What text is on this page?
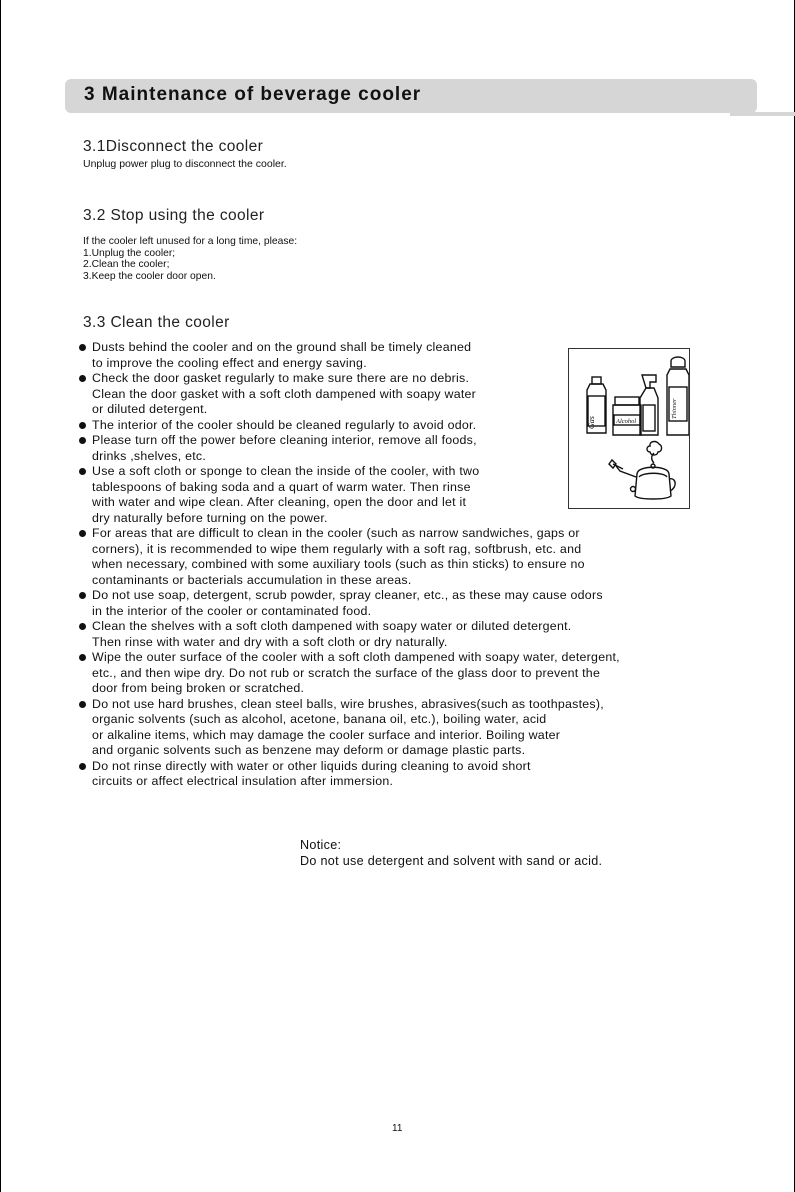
3 Maintenance of beverage cooler
3.1Disconnect the cooler
Unplug power plug to disconnect the cooler.
3.2 Stop using the cooler
If the cooler left unused for a long time, please:
1.Unplug the cooler;
2.Clean the cooler;
3.Keep the cooler door open.
3.3 Clean the cooler
Dusts behind the cooler and on the ground shall be timely cleaned
to improve the cooling effect and energy saving.
Check the door gasket regularly to make sure there are no debris.
Clean the door gasket with a soft cloth dampened with soapy water
or diluted detergent.
The interior of the cooler should be cleaned regularly to avoid odor.
Please turn off the power before cleaning interior, remove all foods,
drinks ,shelves, etc.
Use a soft cloth or sponge to clean the inside of the cooler, with two
tablespoons of baking soda and a quart of warm water. Then rinse
with water and wipe clean. After cleaning, open the door and let it
dry naturally before turning on the power.
For areas that are difficult to clean in the cooler (such as narrow sandwiches, gaps or
corners), it is recommended to wipe them regularly with a soft rag, softbrush, etc. and
when necessary, combined with some auxiliary tools (such as thin sticks) to ensure no
contaminants or bacterials accumulation in these areas.
Do not use soap, detergent, scrub powder, spray cleaner, etc., as these may cause odors
in the interior of the cooler or contaminated food.
Clean the shelves with a soft cloth dampened with soapy water or diluted detergent.
Then rinse with water and dry with a soft cloth or dry naturally.
Wipe the outer surface of the cooler with a soft cloth dampened with soapy water, detergent,
etc., and then wipe dry. Do not rub or scratch the surface of the glass door to prevent the
door from being broken or scratched.
Do not use hard brushes, clean steel balls, wire brushes, abrasives(such as toothpastes),
organic solvents (such as alcohol, acetone, banana oil, etc.), boiling water, acid
or alkaline items, which may damage the cooler surface and interior. Boiling water
and organic solvents such as benzene may deform or damage plastic parts.
Do not rinse directly with water or other liquids during cleaning to avoid short
circuits or affect electrical insulation after immersion.
Gas	Alcohol
Thinner
Notice:
Do not use detergent and solvent with sand or acid.
11
